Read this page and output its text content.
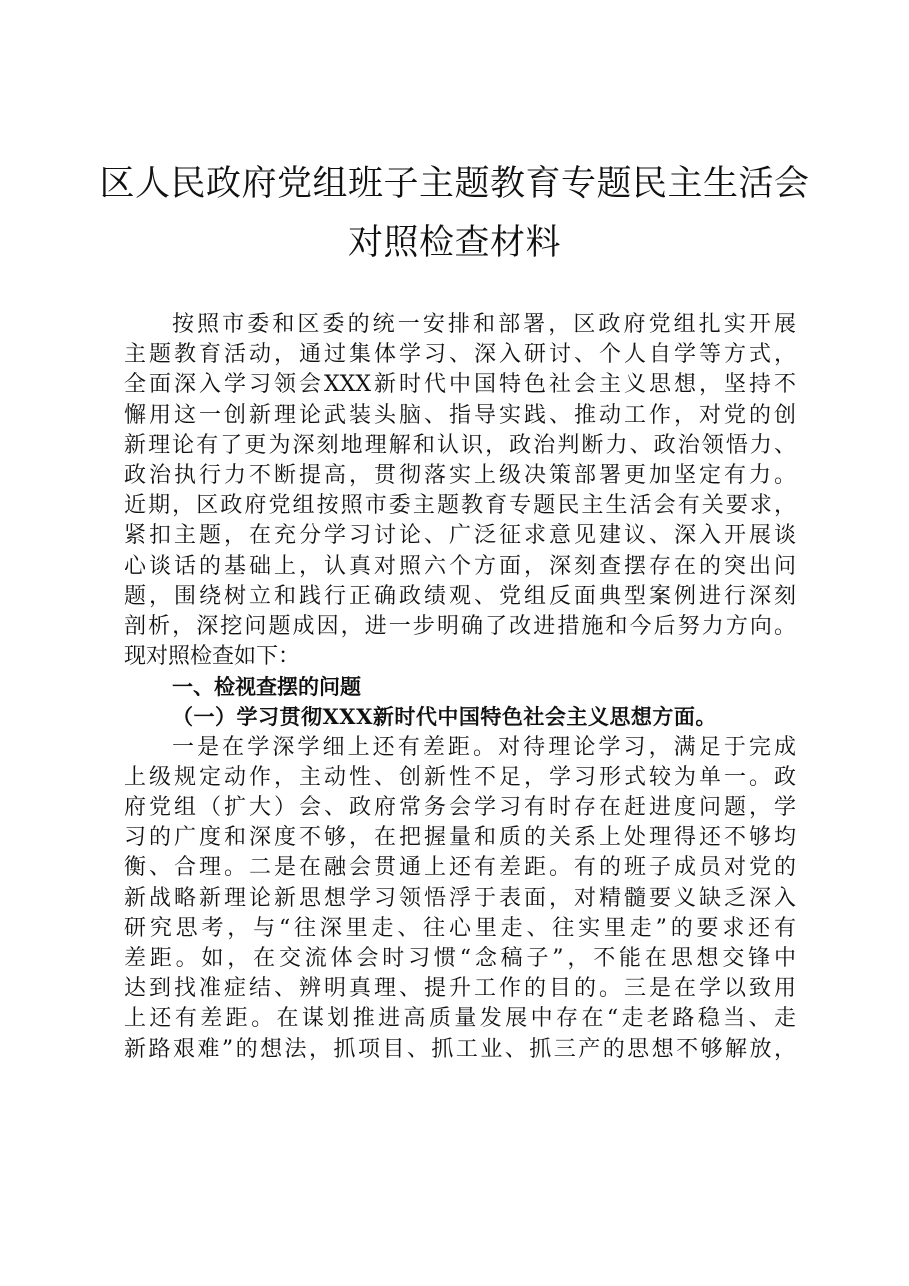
区人民政府党组班子主题教育专题民主生活会
对照检查材料
按照市委和区委的统一安排和部署，区政府党组扎实开展
主题教育活动，通过集体学习、深入研讨、个人自学等方式，
全面深入学习领会XXX新时代中国特色社会主义思想，坚持不
懈用这一创新理论武装头脑、指导实践、推动工作，对党的创
新理论有了更为深刻地理解和认识，政治判断力、政治领悟力、
政治执行力不断提高，贯彻落实上级决策部署更加坚定有力。
近期，区政府党组按照市委主题教育专题民主生活会有关要求，
紧扣主题，在充分学习讨论、广泛征求意见建议、深入开展谈
心谈话的基础上，认真对照六个方面，深刻查摆存在的突出问
题，围绕树立和践行正确政绩观、党组反面典型案例进行深刻
剖析，深挖问题成因，进一步明确了改进措施和今后努力方向。
现对照检查如下：
一、检视查摆的问题
（一）学习贯彻XXX新时代中国特色社会主义思想方面。
一是在学深学细上还有差距。对待理论学习，满足于完成
上级规定动作，主动性、创新性不足，学习形式较为单一。政
府党组（扩大）会、政府常务会学习有时存在赶进度问题，学
习的广度和深度不够，在把握量和质的关系上处理得还不够均
衡、合理。二是在融会贯通上还有差距。有的班子成员对党的
新战略新理论新思想学习领悟浮于表面，对精髓要义缺乏深入
研究思考，与“往深里走、往心里走、往实里走”的要求还有
差距。如，在交流体会时习惯“念稿子”，不能在思想交锋中
达到找准症结、辨明真理、提升工作的目的。三是在学以致用
上还有差距。在谋划推进高质量发展中存在“走老路稳当、走
新路艰难”的想法，抓项目、抓工业、抓三产的思想不够解放，
